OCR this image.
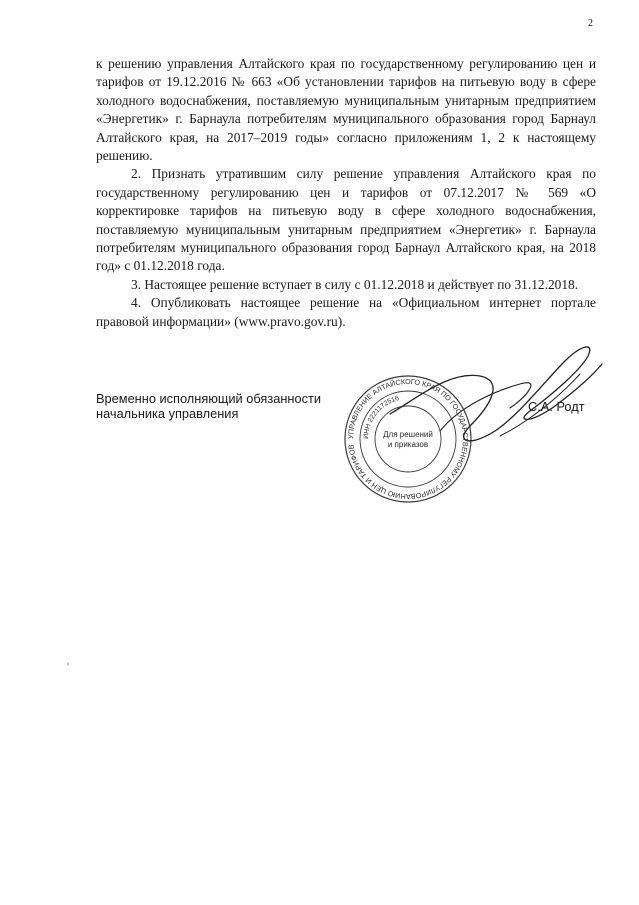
2

к решению управления Алтайского края по государственному регулированию цен и тарифов от 19.12.2016 № 663 «Об установлении тарифов на питьевую воду в сфере холодного водоснабжения, поставляемую муниципальным унитарным предприятием «Энергетик» г. Барнаула потребителям муниципального образования город Барнаул Алтайского края, на 2017–2019 годы» согласно приложениям 1, 2 к настоящему решению.

2. Признать утратившим силу решение управления Алтайского края по государственному регулированию цен и тарифов от 07.12.2017 № 569 «О корректировке тарифов на питьевую воду в сфере холодного водоснабжения, поставляемую муниципальным унитарным предприятием «Энергетик» г. Барнаула потребителям муниципального образования город Барнаул Алтайского края, на 2018 год» с 01.12.2018 года.

3. Настоящее решение вступает в силу с 01.12.2018 и действует по 31.12.2018.

4. Опубликовать настоящее решение на «Официальном интернет портале правовой информации» (www.pravo.gov.ru).

Временно исполняющий обязанности
начальника управления	С.А. Родт
УПРАВЛЕНИЕ АЛТАЙСКОГО КРАЯ ПО ГОСУДАРСТВЕННОМУ РЕГУЛИРОВАНИЮ ЦЕН И ТАРИФОВ
ИНН 2221172516
Для решений
и приказов
